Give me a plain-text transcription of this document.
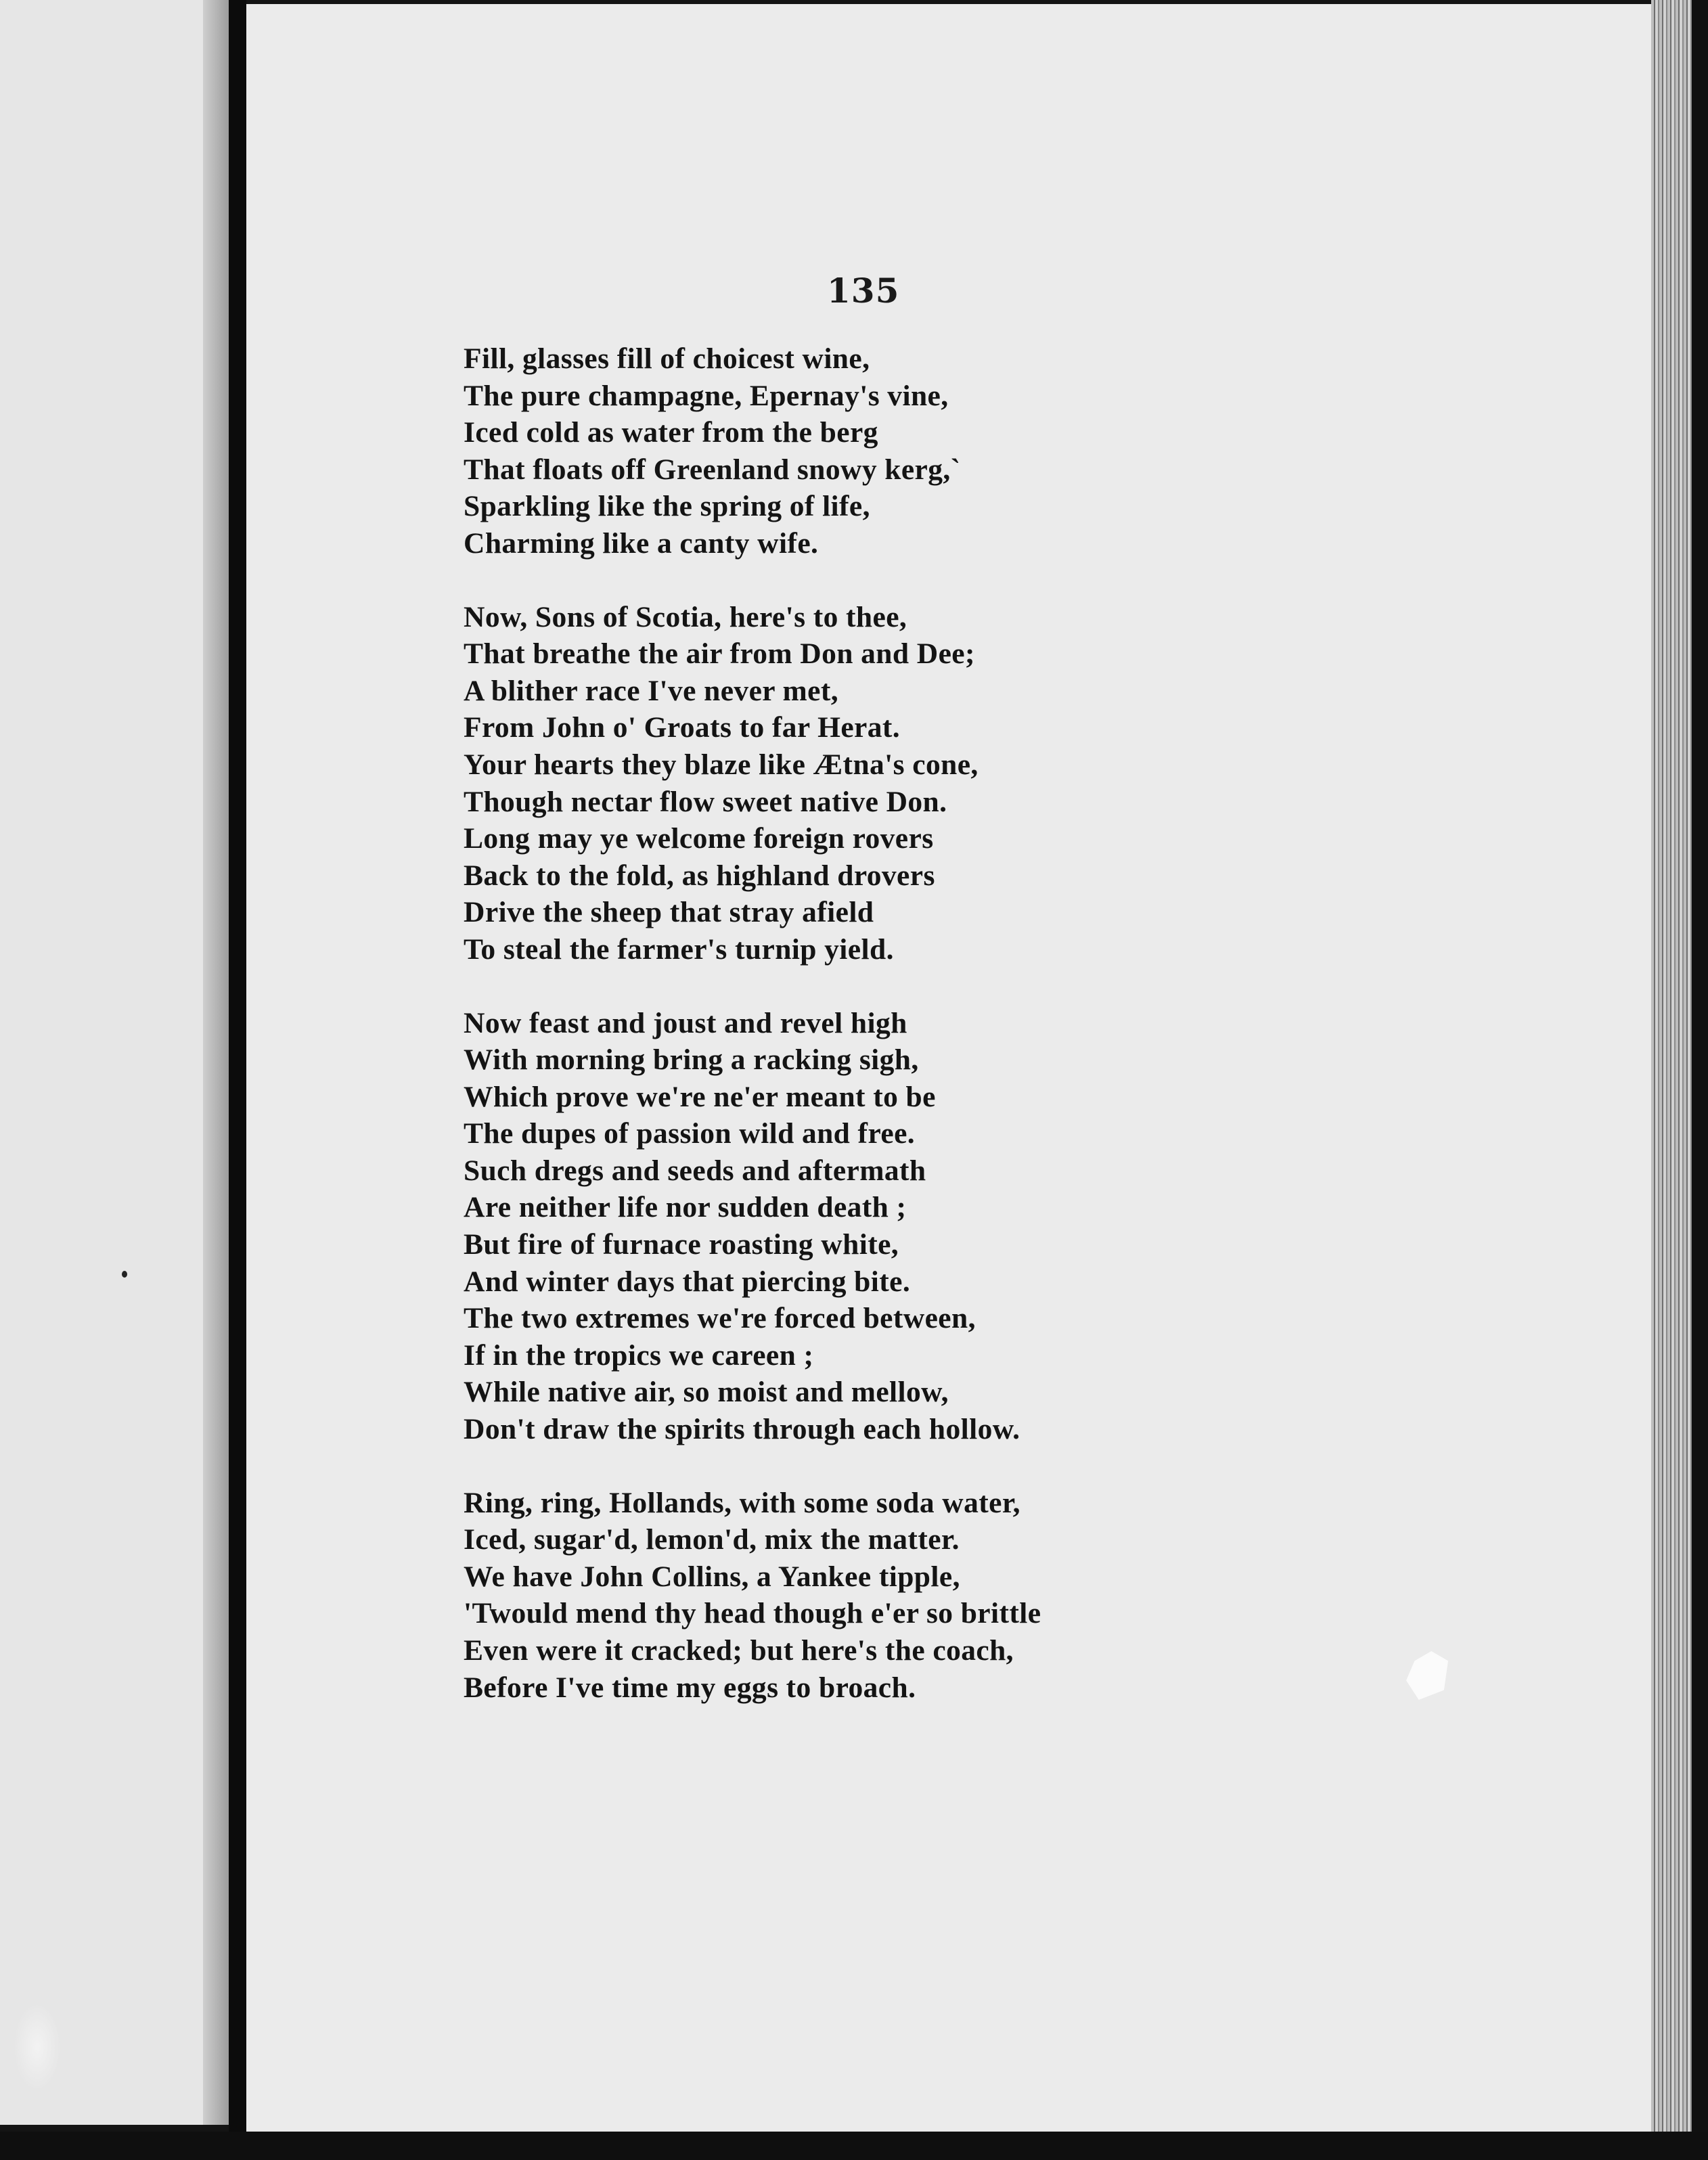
135
Fill, glasses fill of choicest wine,
The pure champagne, Epernay's vine,
Iced cold as water from the berg
That floats off Greenland snowy kerg,`
Sparkling like the spring of life,
Charming like a canty wife.
Now, Sons of Scotia, here's to thee,
That breathe the air from Don and Dee;
A blither race I've never met,
From John o' Groats to far Herat.
Your hearts they blaze like Ætna's cone,
Though nectar flow sweet native Don.
Long may ye welcome foreign rovers
Back to the fold, as highland drovers
Drive the sheep that stray afield
To steal the farmer's turnip yield.
Now feast and joust and revel high
With morning bring a racking sigh,
Which prove we're ne'er meant to be
The dupes of passion wild and free.
Such dregs and seeds and aftermath
Are neither life nor sudden death ;
But fire of furnace roasting white,
And winter days that piercing bite.
The two extremes we're forced between,
If in the tropics we careen ;
While native air, so moist and mellow,
Don't draw the spirits through each hollow.
Ring, ring, Hollands, with some soda water,
Iced, sugar'd, lemon'd, mix the matter.
We have John Collins, a Yankee tipple,
'Twould mend thy head though e'er so brittle
Even were it cracked; but here's the coach,
Before I've time my eggs to broach.
